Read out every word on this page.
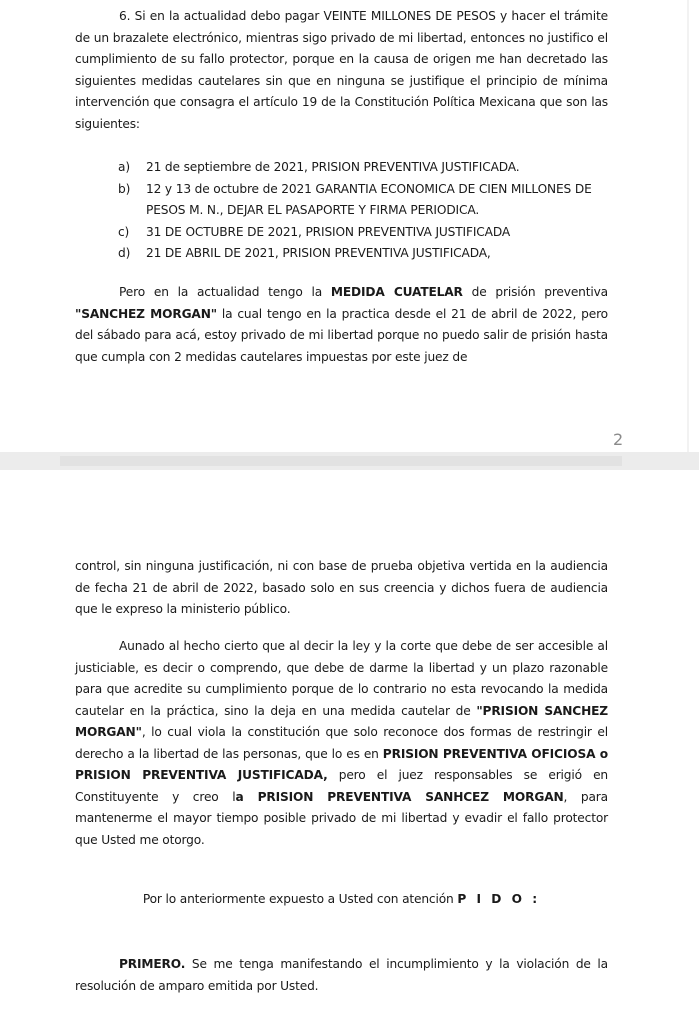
6. Si en la actualidad debo pagar VEINTE MILLONES DE PESOS y hacer el trámite de un brazalete electrónico, mientras sigo privado de mi libertad, entonces no justifico el cumplimiento de su fallo protector, porque en la causa de origen me han decretado las siguientes medidas cautelares sin que en ninguna se justifique el principio de mínima intervención que consagra el artículo 19 de la Constitución Política Mexicana que son las siguientes:

a) 21 de septiembre de 2021, PRISION PREVENTIVA JUSTIFICADA.
b) 12 y 13 de octubre de 2021 GARANTIA ECONOMICA DE CIEN MILLONES DE PESOS M. N., DEJAR EL PASAPORTE Y FIRMA PERIODICA.
c) 31 DE OCTUBRE DE 2021, PRISION PREVENTIVA JUSTIFICADA
d) 21 DE ABRIL DE 2021, PRISION PREVENTIVA JUSTIFICADA,

Pero en la actualidad tengo la MEDIDA CUATELAR de prisión preventiva "SANCHEZ MORGAN" la cual tengo en la practica desde el 21 de abril de 2022, pero del sábado para acá, estoy privado de mi libertad porque no puedo salir de prisión hasta que cumpla con 2 medidas cautelares impuestas por este juez de

2

control, sin ninguna justificación, ni con base de prueba objetiva vertida en la audiencia de fecha 21 de abril de 2022, basado solo en sus creencia y dichos fuera de audiencia que le expreso la ministerio público.

Aunado al hecho cierto que al decir la ley y la corte que debe de ser accesible al justiciable, es decir o comprendo, que debe de darme la libertad y un plazo razonable para que acredite su cumplimiento porque de lo contrario no esta revocando la medida cautelar en la práctica, sino la deja en una medida cautelar de "PRISION SANCHEZ MORGAN", lo cual viola la constitución que solo reconoce dos formas de restringir el derecho a la libertad de las personas, que lo es en PRISION PREVENTIVA OFICIOSA o PRISION PREVENTIVA JUSTIFICADA, pero el juez responsables se erigió en Constituyente y creo la PRISION PREVENTIVA SANHCEZ MORGAN, para mantenerme el mayor tiempo posible privado de mi libertad y evadir el fallo protector que Usted me otorgo.

Por lo anteriormente expuesto a Usted con atención P I D O :

PRIMERO. Se me tenga manifestando el incumplimiento y la violación de la resolución de amparo emitida por Usted.
